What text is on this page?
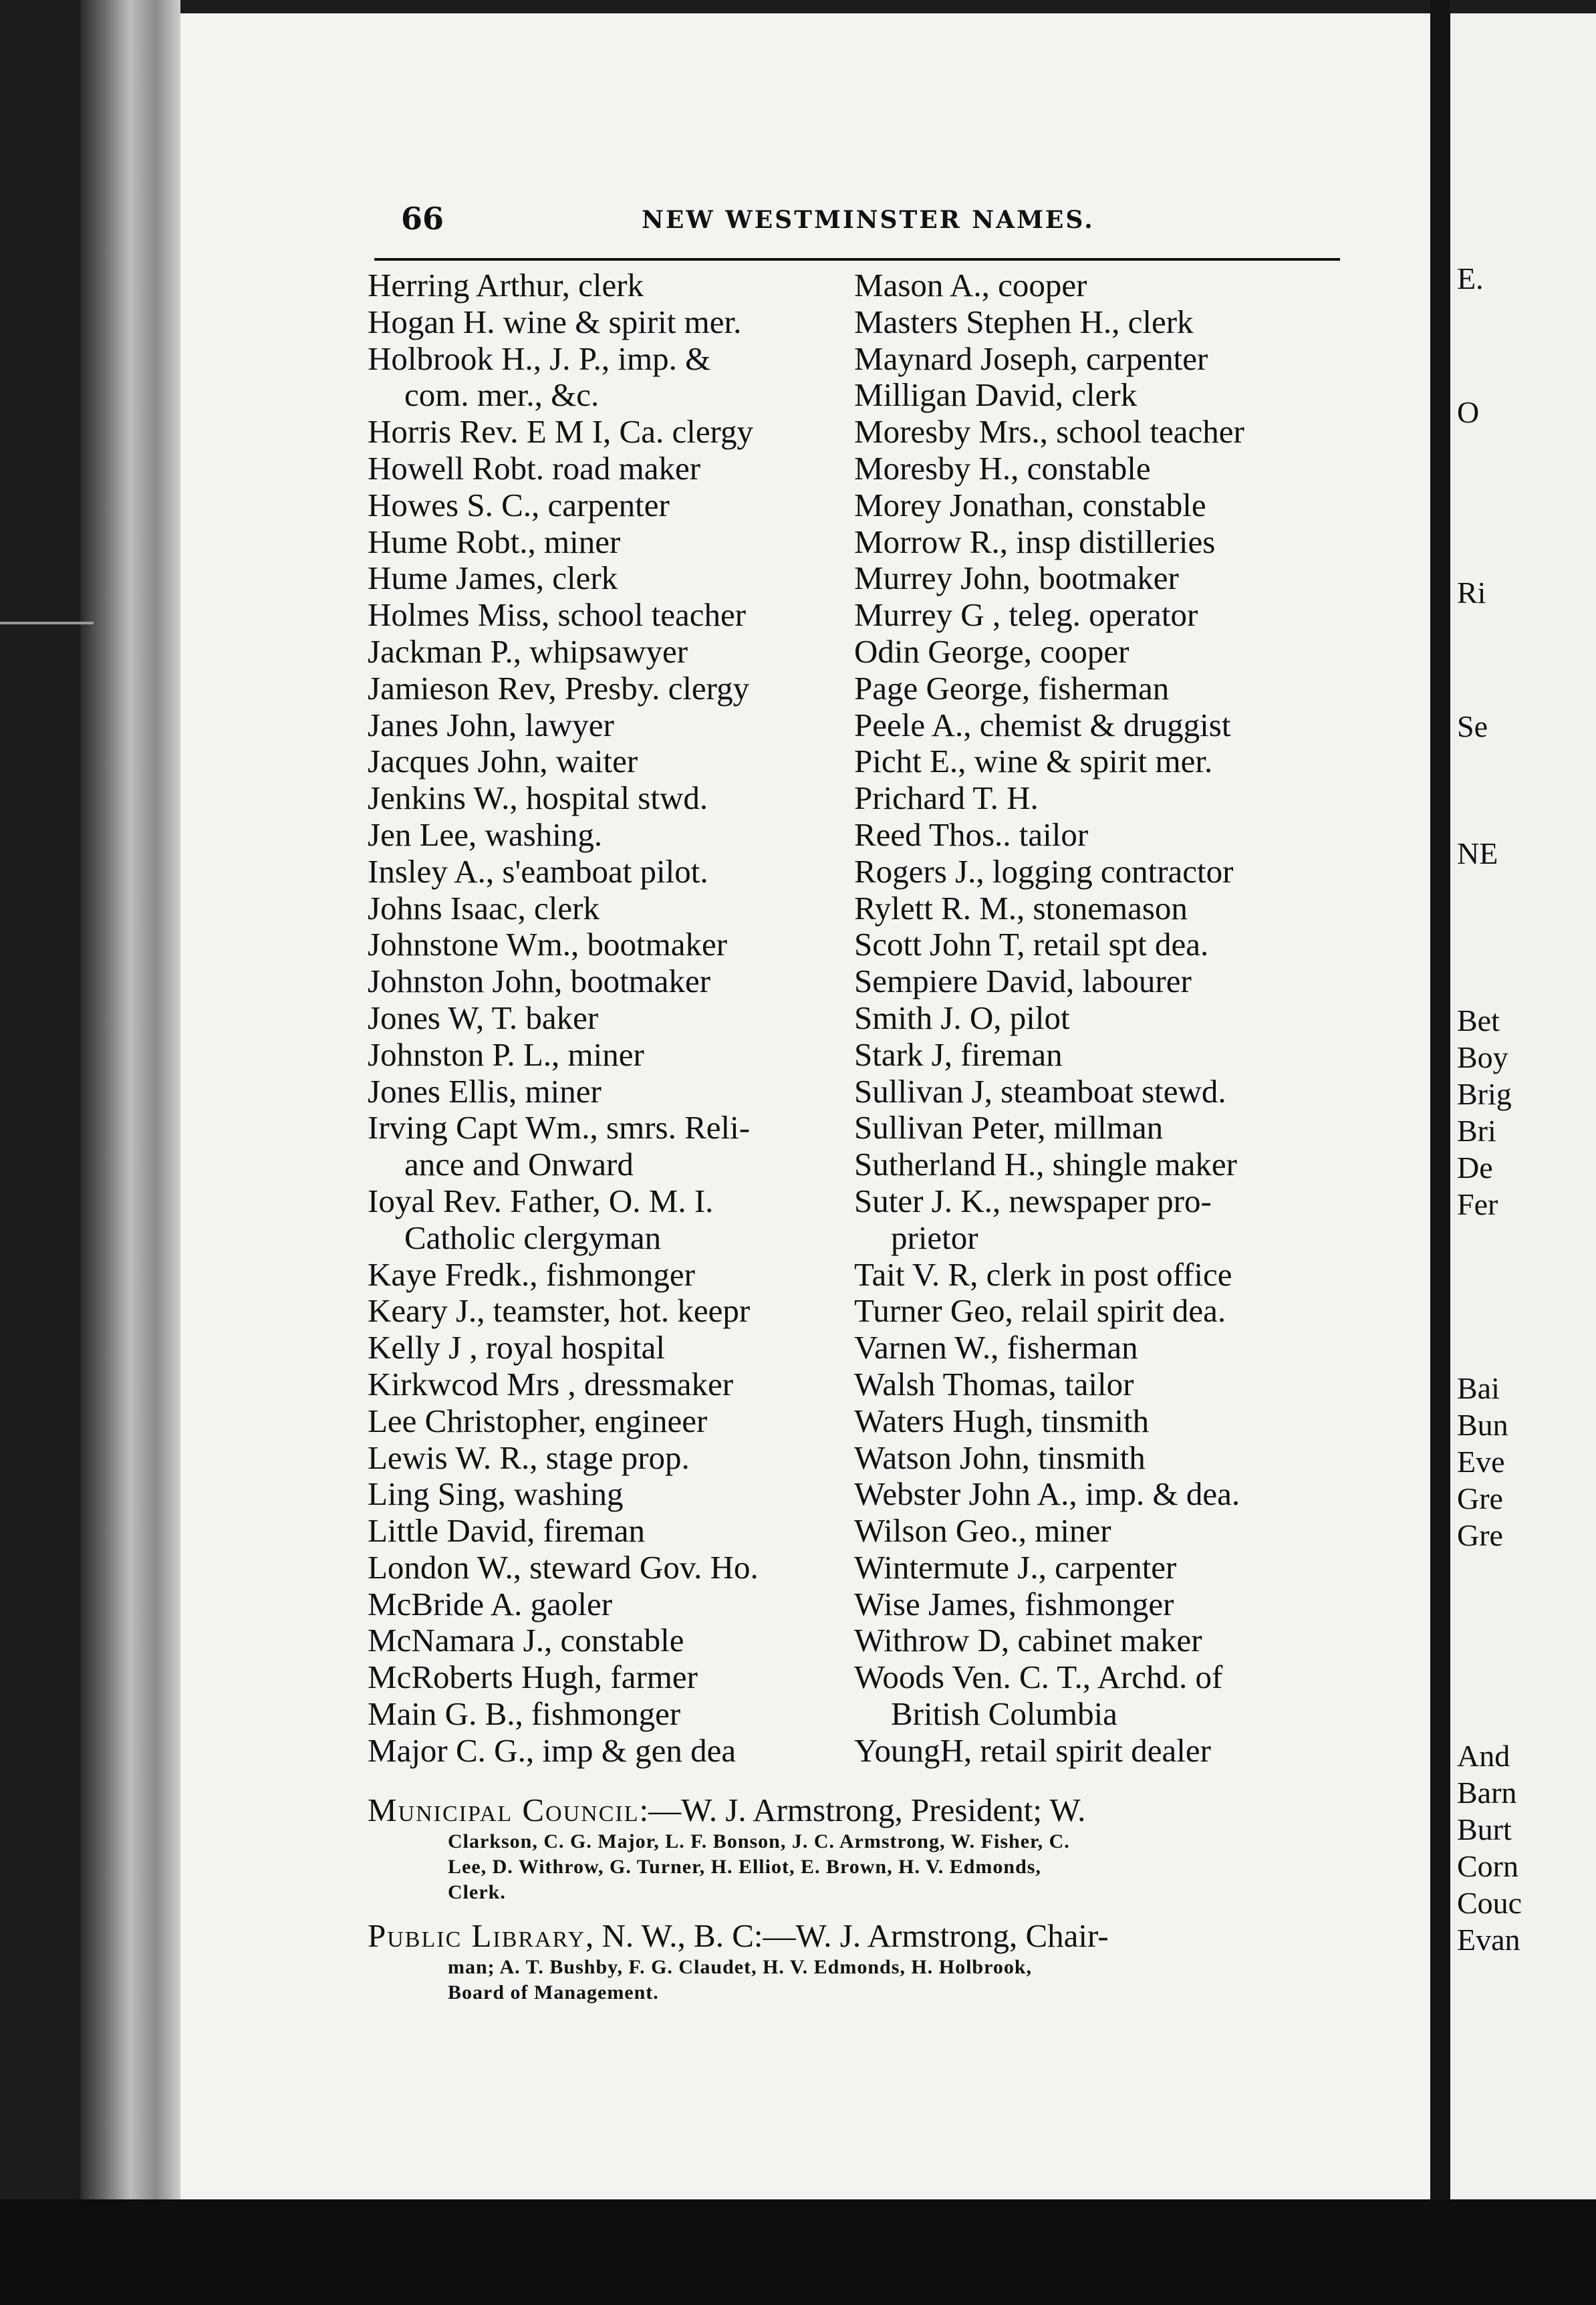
66	NEW WESTMINSTER NAMES.
Herring Arthur, clerk
Hogan H. wine & spirit mer.
Holbrook H., J. P., imp. &
com. mer., &c.
Horris Rev. E M I, Ca. clergy
Howell Robt. road maker
Howes S. C., carpenter
Hume Robt., miner
Hume James, clerk
Holmes Miss, school teacher
Jackman P., whipsawyer
Jamieson Rev, Presby. clergy
Janes John, lawyer
Jacques John, waiter
Jenkins W., hospital stwd.
Jen Lee, washing.
Insley A., s'eamboat pilot.
Johns Isaac, clerk
Johnstone Wm., bootmaker
Johnston John, bootmaker
Jones W, T. baker
Johnston P. L., miner
Jones Ellis, miner
Irving Capt Wm., smrs. Reli-
ance and Onward
Ioyal Rev. Father, O. M. I.
Catholic clergyman
Kaye Fredk., fishmonger
Keary J., teamster, hot. keepr
Kelly J , royal hospital
Kirkwcod Mrs , dressmaker
Lee Christopher, engineer
Lewis W. R., stage prop.
Ling Sing, washing
Little David, fireman
London W., steward Gov. Ho.
McBride A. gaoler
McNamara J., constable
McRoberts Hugh, farmer
Main G. B., fishmonger
Major C. G., imp & gen dea
Mason A., cooper
Masters Stephen H., clerk
Maynard Joseph, carpenter
Milligan David, clerk
Moresby Mrs., school teacher
Moresby H., constable
Morey Jonathan, constable
Morrow R., insp distilleries
Murrey John, bootmaker
Murrey G , teleg. operator
Odin George, cooper
Page George, fisherman
Peele A., chemist & druggist
Picht E., wine & spirit mer.
Prichard T. H.
Reed Thos.. tailor
Rogers J., logging contractor
Rylett R. M., stonemason
Scott John T, retail spt dea.
Sempiere David, labourer
Smith J. O, pilot
Stark J, fireman
Sullivan J, steamboat stewd.
Sullivan Peter, millman
Sutherland H., shingle maker
Suter J. K., newspaper pro-
prietor
Tait V. R, clerk in post office
Turner Geo, relail spirit dea.
Varnen W., fisherman
Walsh Thomas, tailor
Waters Hugh, tinsmith
Watson John, tinsmith
Webster John A., imp. & dea.
Wilson Geo., miner
Wintermute J., carpenter
Wise James, fishmonger
Withrow D, cabinet maker
Woods Ven. C. T., Archd. of
British Columbia
YoungH, retail spirit dealer
Municipal Council:—W. J. Armstrong, President; W.
Clarkson, C. G. Major, L. F. Bonson, J. C. Armstrong, W. Fisher, C.
Lee, D. Withrow, G. Turner, H. Elliot, E. Brown, H. V. Edmonds,
Clerk.
Public Library, N. W., B. C:—W. J. Armstrong, Chair-
man; A. T. Bushby, F. G. Claudet, H. V. Edmonds, H. Holbrook,
Board of Management.
E.
O
Ri
Se
NE
Bet
Boy
Brig
Bri
De
Fer
Bai
Bun
Eve
Gre
Gre
And
Barn
Burt
Corn
Couc
Evan
